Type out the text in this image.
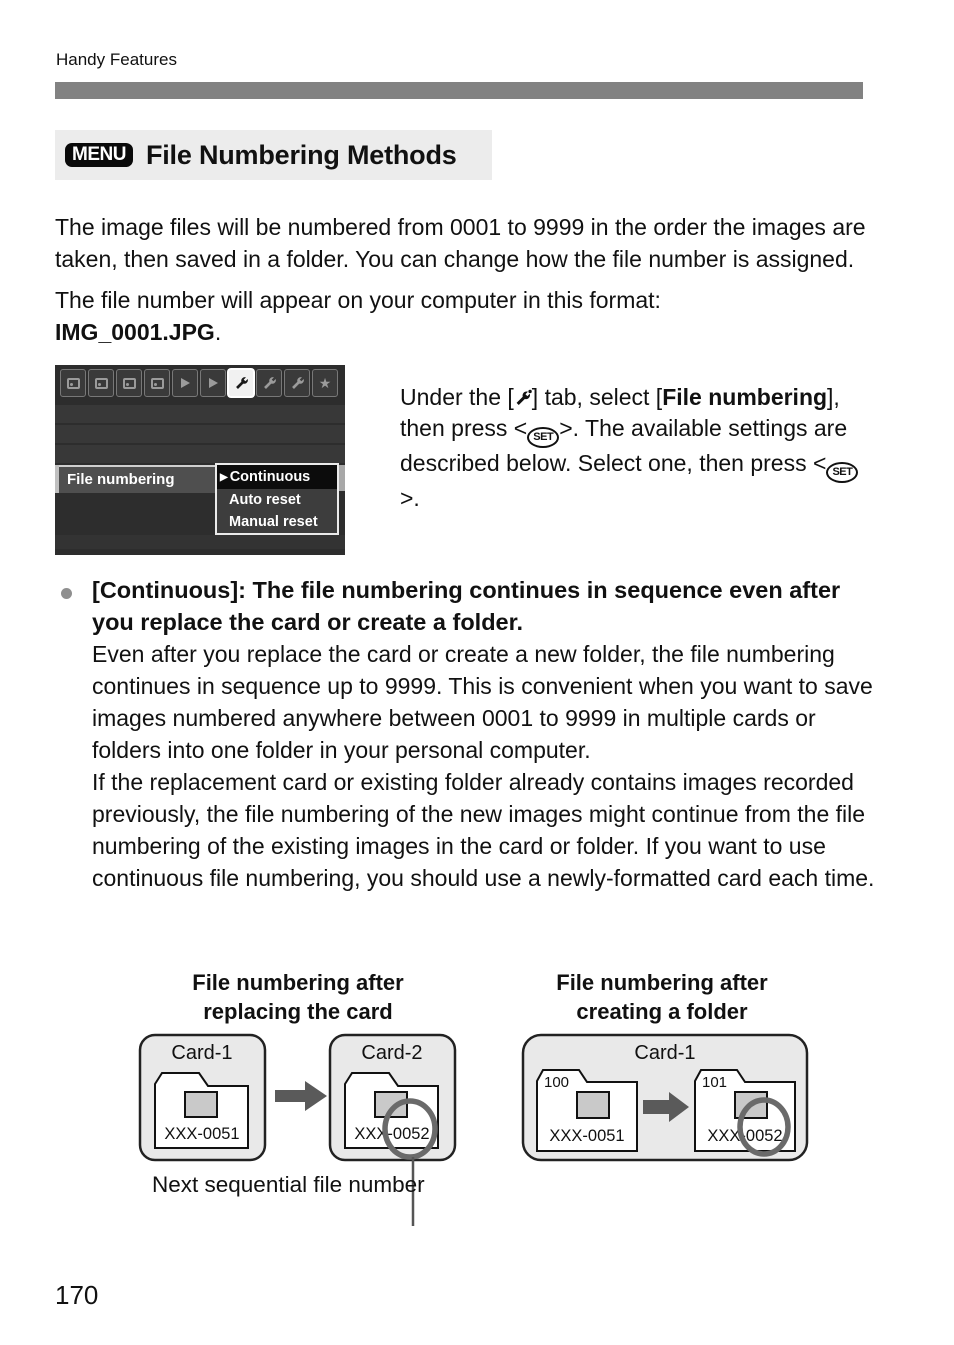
Handy Features
MENU File Numbering Methods

The image files will be numbered from 0001 to 9999 in the order the images are taken, then saved in a folder. You can change how the file number is assigned.

The file number will appear on your computer in this format:
IMG_0001.JPG.
★
File numbering	▶ Continuous
Auto reset
Manual reset

Under the [ ] tab, select [File numbering], then press < SET >. The available settings are described below. Select one, then press < SET>.

[Continuous]: The file numbering continues in sequence even after you replace the card or create a folder.

Even after you replace the card or create a new folder, the file numbering continues in sequence up to 9999. This is convenient when you want to save images numbered anywhere between 0001 to 9999 in multiple cards or folders into one folder in your personal computer.

If the replacement card or existing folder already contains images recorded previously, the file numbering of the new images might continue from the file numbering of the existing images in the card or folder. If you want to use continuous file numbering, you should use a newly-formatted card each time.

File numbering after
replacing the card
File numbering after
creating a folder
Card-1
XXX-0051
Card-2
XXX-0052
Next sequential file number
Card-1
100
XXX-0051
101
XXX-0052
170
